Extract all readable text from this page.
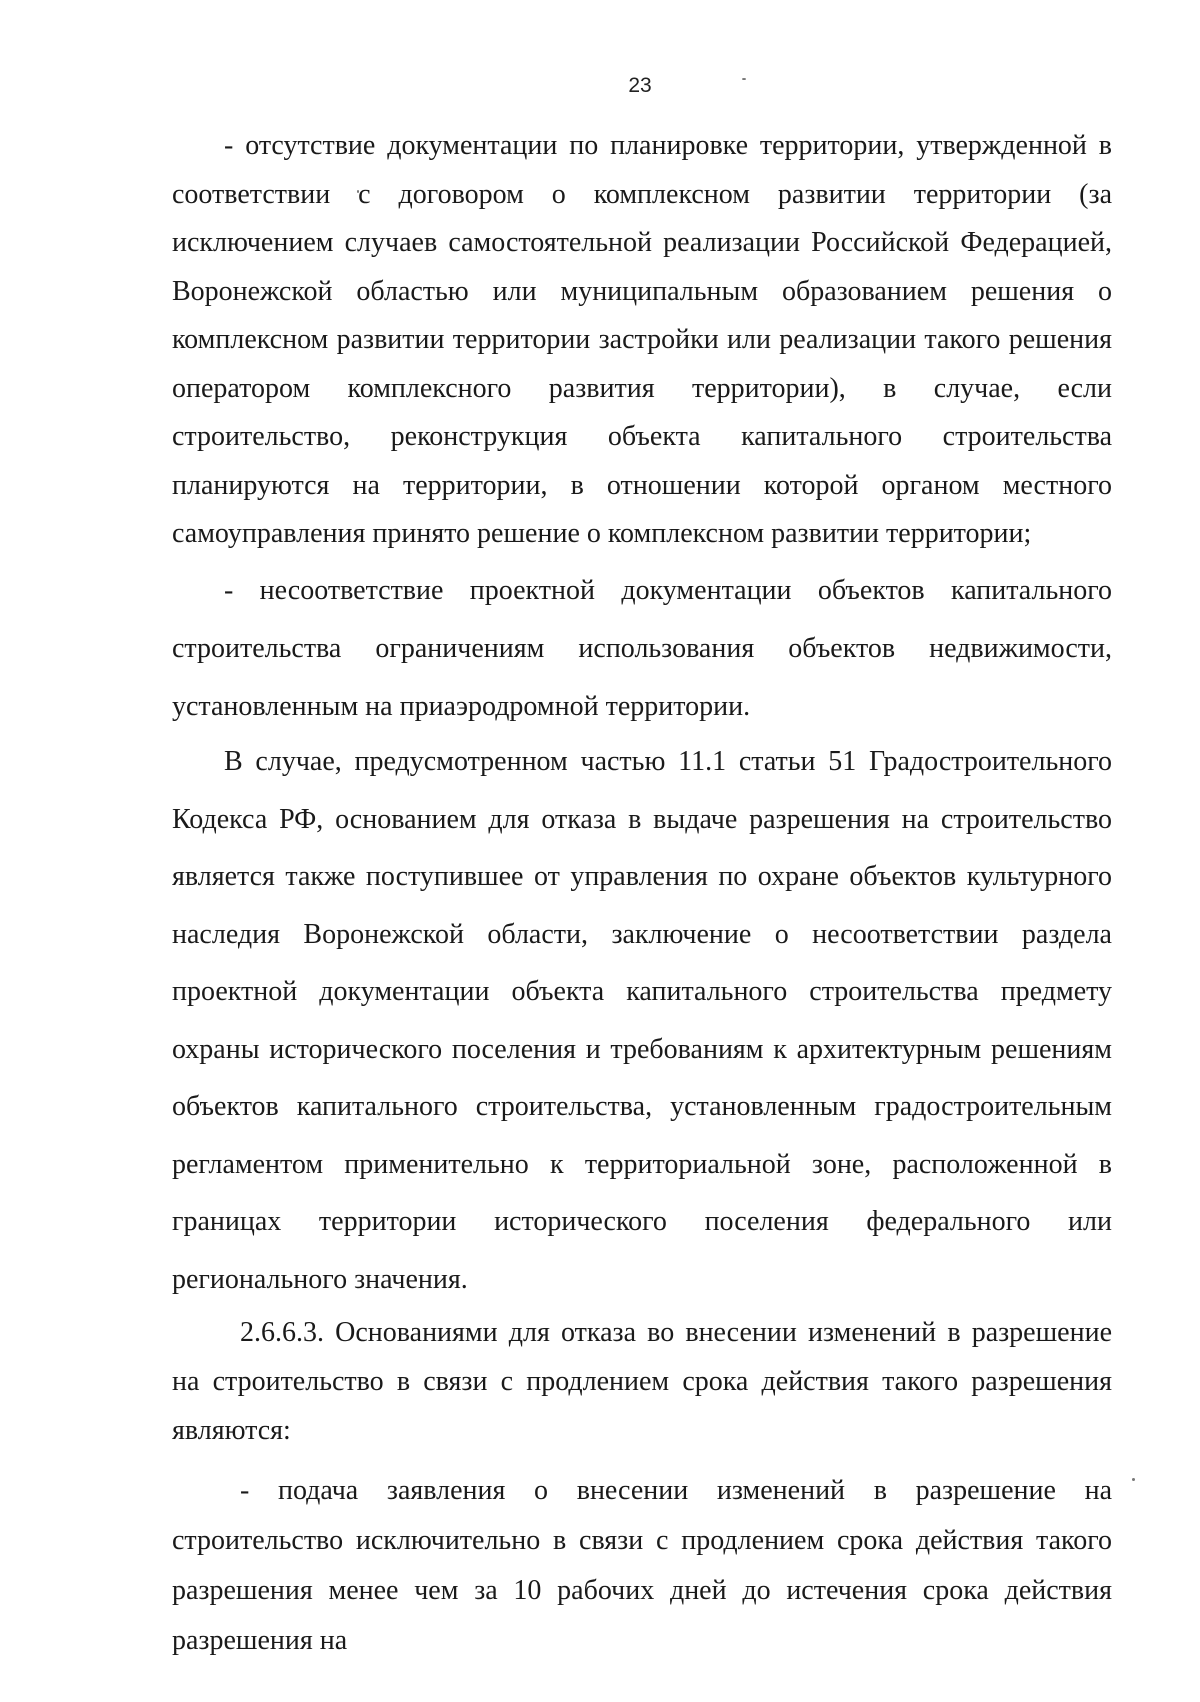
23

- отсутствие документации по планировке территории, утвержденной в соответствии с договором о комплексном развитии территории (за исключением случаев самостоятельной реализации Российской Федерацией, Воронежской областью или муниципальным образованием решения о комплексном развитии территории застройки или реализации такого решения оператором комплексного развития территории), в случае, если строительство, реконструкция объекта капитального строительства планируются на территории, в отношении которой органом местного самоуправления принято решение о комплексном развитии территории;

- несоответствие проектной документации объектов капитального строительства ограничениям использования объектов недвижимости, установленным на приаэродромной территории.

В случае, предусмотренном частью 11.1 статьи 51 Градостроительного Кодекса РФ, основанием для отказа в выдаче разрешения на строительство является также поступившее от управления по охране объектов культурного наследия Воронежской области, заключение о несоответствии раздела проектной документации объекта капитального строительства предмету охраны исторического поселения и требованиям к архитектурным решениям объектов капитального строительства, установленным градостроительным регламентом применительно к территориальной зоне, расположенной в границах территории исторического поселения федерального или регионального значения.

2.6.6.3. Основаниями для отказа во внесении изменений в разрешение на строительство в связи с продлением срока действия такого разрешения являются:

- подача заявления о внесении изменений в разрешение на строительство исключительно в связи с продлением срока действия такого разрешения менее чем за 10 рабочих дней до истечения срока действия разрешения на
